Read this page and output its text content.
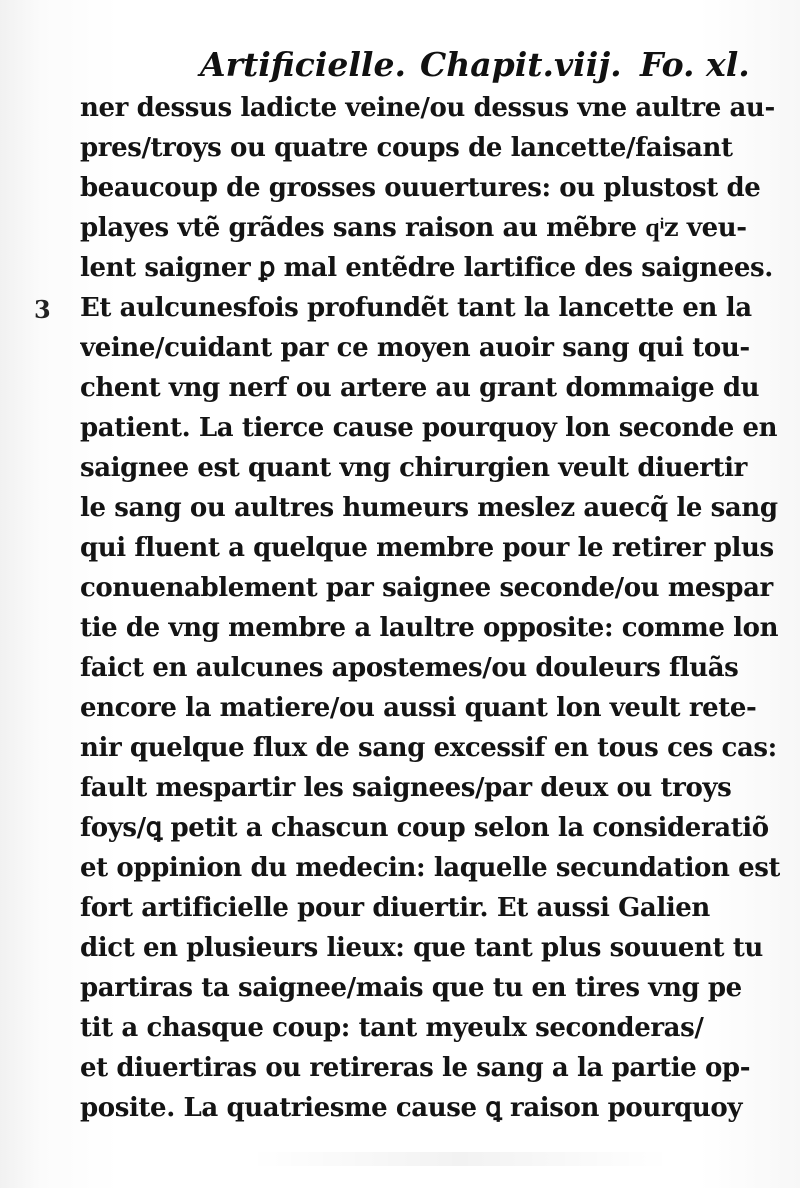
Artificielle. Chapit.viij. Fo. xl.
3
ner dessus ladicte veine/ou dessus vne aultre au-
pres/troys ou quatre coups de lancette/faisant
beaucoup de grosses ouuertures: ou plustost de
playes vtẽ grãdes sans raison au mẽbre qͥz veu-
lent saigner ꝑ mal entẽdre lartifice des saignees.
Et aulcunesfois profundẽt tant la lancette en la
veine/cuidant par ce moyen auoir sang qui tou-
chent vng nerf ou artere au grant dommaige du
patient. La tierce cause pourquoy lon seconde en
saignee est quant vng chirurgien veult diuertir
le sang ou aultres humeurs meslez auecq̃ le sang
qui fluent a quelque membre pour le retirer plus
conuenablement par saignee seconde/ou mespar
tie de vng membre a laultre opposite: comme lon
faict en aulcunes apostemes/ou douleurs fluãs
encore la matiere/ou aussi quant lon veult rete-
nir quelque flux de sang excessif en tous ces cas:
fault mespartir les saignees/par deux ou troys
foys/ꝗ petit a chascun coup selon la consideratiõ
et oppinion du medecin: laquelle secundation est
fort artificielle pour diuertir. Et aussi Galien
dict en plusieurs lieux: que tant plus souuent tu
partiras ta saignee/mais que tu en tires vng pe
tit a chasque coup: tant myeulx seconderas/
et diuertiras ou retireras le sang a la partie op-
posite. La quatriesme cause ꝗ raison pourquoy
